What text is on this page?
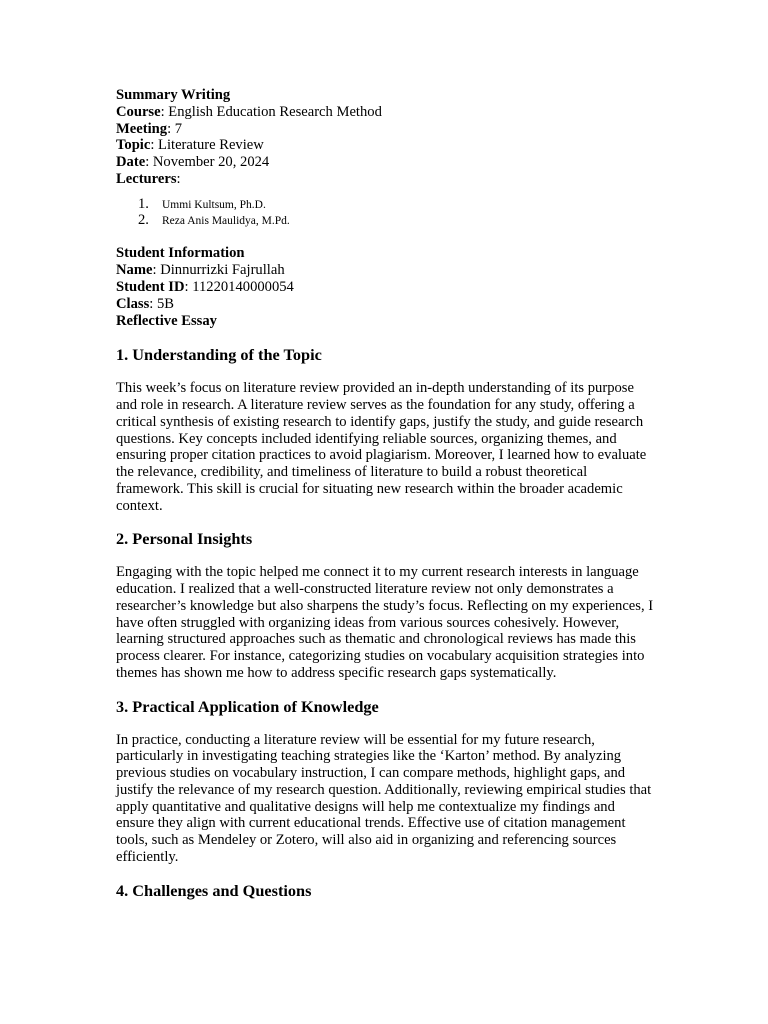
Summary Writing
Course: English Education Research Method
Meeting: 7
Topic: Literature Review
Date: November 20, 2024
Lecturers:
1. Ummi Kultsum, Ph.D.
2. Reza Anis Maulidya, M.Pd.
Student Information
Name: Dinnurrizki Fajrullah
Student ID: 11220140000054
Class: 5B
Reflective Essay
1. Understanding of the Topic

This week’s focus on literature review provided an in-depth understanding of its purpose and role in research. A literature review serves as the foundation for any study, offering a critical synthesis of existing research to identify gaps, justify the study, and guide research questions. Key concepts included identifying reliable sources, organizing themes, and ensuring proper citation practices to avoid plagiarism. Moreover, I learned how to evaluate the relevance, credibility, and timeliness of literature to build a robust theoretical framework. This skill is crucial for situating new research within the broader academic context.

2. Personal Insights

Engaging with the topic helped me connect it to my current research interests in language education. I realized that a well-constructed literature review not only demonstrates a researcher’s knowledge but also sharpens the study’s focus. Reflecting on my experiences, I have often struggled with organizing ideas from various sources cohesively. However, learning structured approaches such as thematic and chronological reviews has made this process clearer. For instance, categorizing studies on vocabulary acquisition strategies into themes has shown me how to address specific research gaps systematically.

3. Practical Application of Knowledge

In practice, conducting a literature review will be essential for my future research, particularly in investigating teaching strategies like the ‘Karton’ method. By analyzing previous studies on vocabulary instruction, I can compare methods, highlight gaps, and justify the relevance of my research question. Additionally, reviewing empirical studies that apply quantitative and qualitative designs will help me contextualize my findings and ensure they align with current educational trends. Effective use of citation management tools, such as Mendeley or Zotero, will also aid in organizing and referencing sources efficiently.

4. Challenges and Questions
